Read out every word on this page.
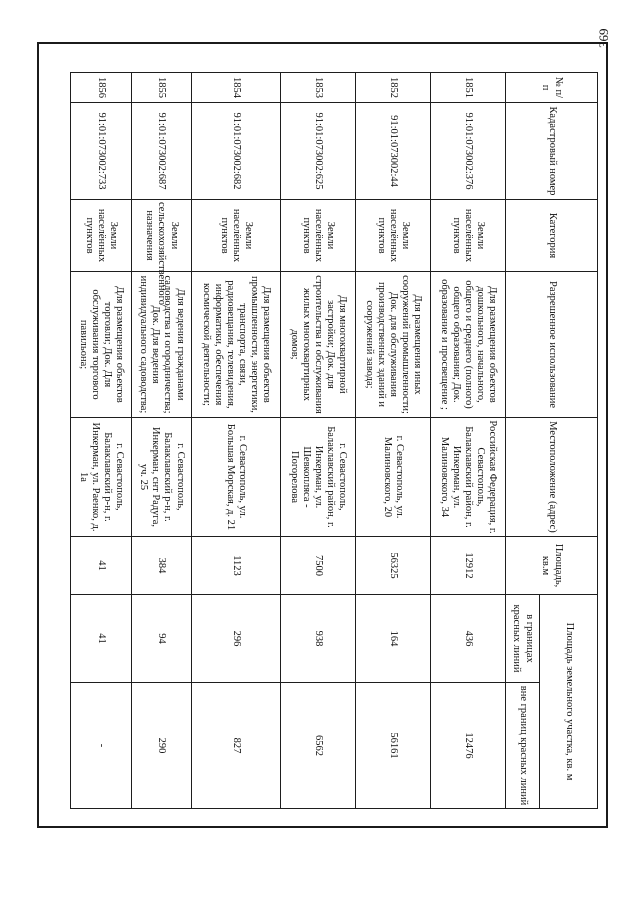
369
№ п/п	Кадастровый номер	Категория	Разрешенное использование	Местоположение (адрес)	Площадь, кв.м	Площадь земельного участка, кв. м	
						в границах красных линий	вне границ красных линий
1851	91:01:073002:376	Земли населённых пунктов	Для размещения объектов дошкольного, начального, общего и среднего (полного) общего образования; Док. образование и просвещение ;	Российская Федерация, г. Севастополь, Балаклавский район, г. Инкерман, ул. Малиновского, 34	12912	436	12476
1852	91:01:073002:44	Земли населённых пунктов	Для размещения иных сооружений промышленности; Док. для обслуживания производственных зданий и сооружений завода;	г. Севастополь, ул. Малиновского, 20	56325	164	56161
1853	91:01:073002:625	Земли населённых пунктов	Для многоквартирной застройки; Док. для строительства и обслуживания жилых многоквартирных домов;	г. Севастополь, Балаклавский район, г. Инкерман, ул. Шевкопляса - Погорелова	7500	938	6562
1854	91:01:073002:682	Земли населённых пунктов	Для размещения объектов промышленности, энергетики, транспорта, связи, радиовещания, телевидения, информатики, обеспечения космической деятельности;	г. Севастополь, ул. Большая Морская, д. 21	1123	296	827
1855	91:01:073002:687	Земли сельскохозяйственного назначения	Для ведения гражданами садоводства и огородничества; Док. Для ведения индивидуального садоводства;	г. Севастополь, Балаклавский р-н, г. Инкерман, снт Радуга, уч. 25	384	94	290
1856	91:01:073002:733	Земли населённых пунктов	Для размещения объектов торговли; Док. Для обслуживания торгового павильона;	г. Севастополь, Балаклавский р-н, г. Инкерман, ул. Раенко, д. 1а	41	41	-
